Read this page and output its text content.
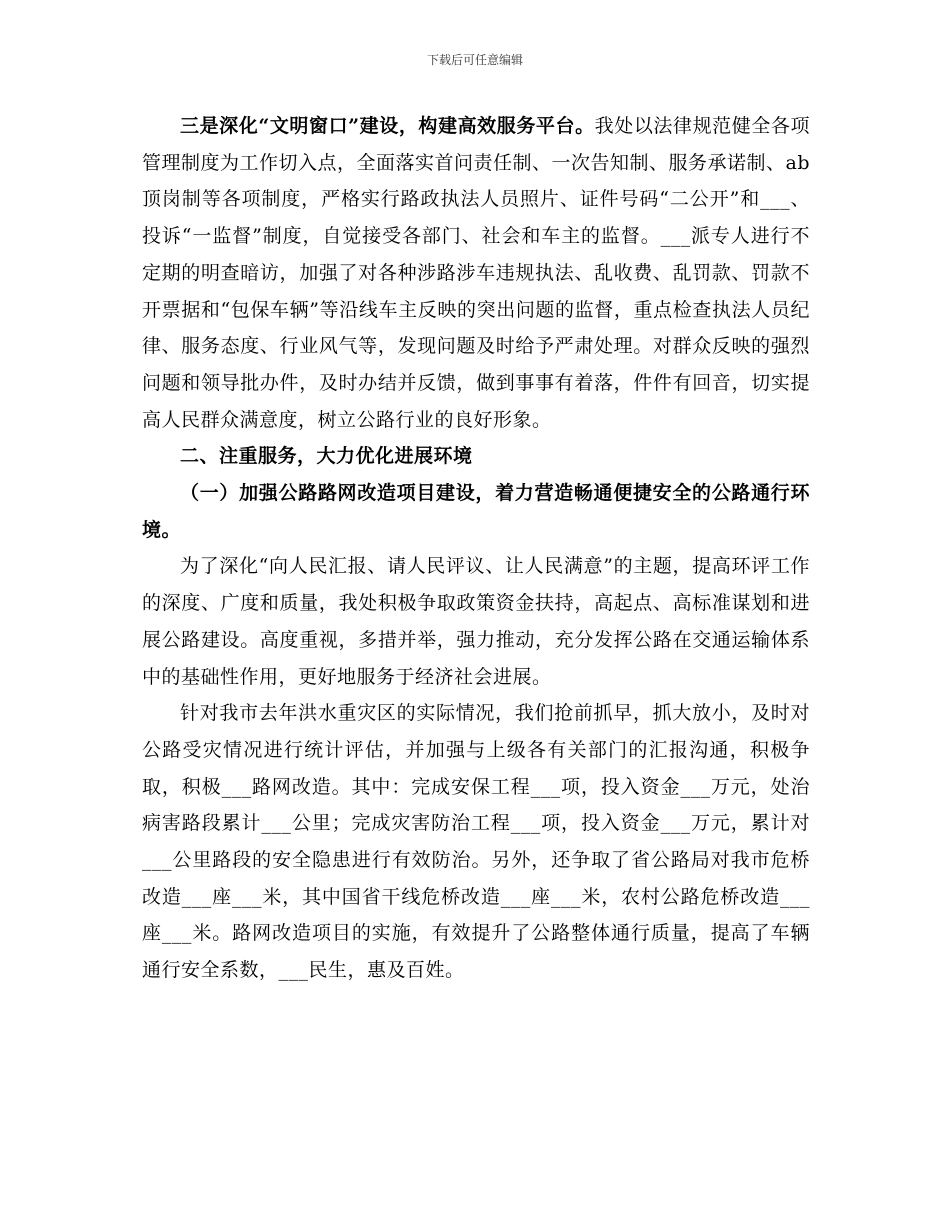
下载后可任意编辑

三是深化“文明窗口”建设，构建高效服务平台。我处以法律规范健全各项管理制度为工作切入点，全面落实首问责任制、一次告知制、服务承诺制、ab顶岗制等各项制度，严格实行路政执法人员照片、证件号码“二公开”和___、投诉“一监督”制度，自觉接受各部门、社会和车主的监督。___派专人进行不定期的明查暗访，加强了对各种涉路涉车违规执法、乱收费、乱罚款、罚款不开票据和“包保车辆”等沿线车主反映的突出问题的监督，重点检查执法人员纪律、服务态度、行业风气等，发现问题及时给予严肃处理。对群众反映的强烈问题和领导批办件，及时办结并反馈，做到事事有着落，件件有回音，切实提高人民群众满意度，树立公路行业的良好形象。

二、注重服务，大力优化进展环境

（一）加强公路路网改造项目建设，着力营造畅通便捷安全的公路通行环境。

为了深化“向人民汇报、请人民评议、让人民满意”的主题，提高环评工作的深度、广度和质量，我处积极争取政策资金扶持，高起点、高标准谋划和进展公路建设。高度重视，多措并举，强力推动，充分发挥公路在交通运输体系中的基础性作用，更好地服务于经济社会进展。

针对我市去年洪水重灾区的实际情况，我们抢前抓早，抓大放小，及时对公路受灾情况进行统计评估，并加强与上级各有关部门的汇报沟通，积极争取，积极___路网改造。其中：完成安保工程___项，投入资金___万元，处治病害路段累计___公里；完成灾害防治工程___项，投入资金___万元，累计对___公里路段的安全隐患进行有效防治。另外，还争取了省公路局对我市危桥改造___座___米，其中国省干线危桥改造___座___米，农村公路危桥改造___座___米。路网改造项目的实施，有效提升了公路整体通行质量，提高了车辆通行安全系数，___民生，惠及百姓。
